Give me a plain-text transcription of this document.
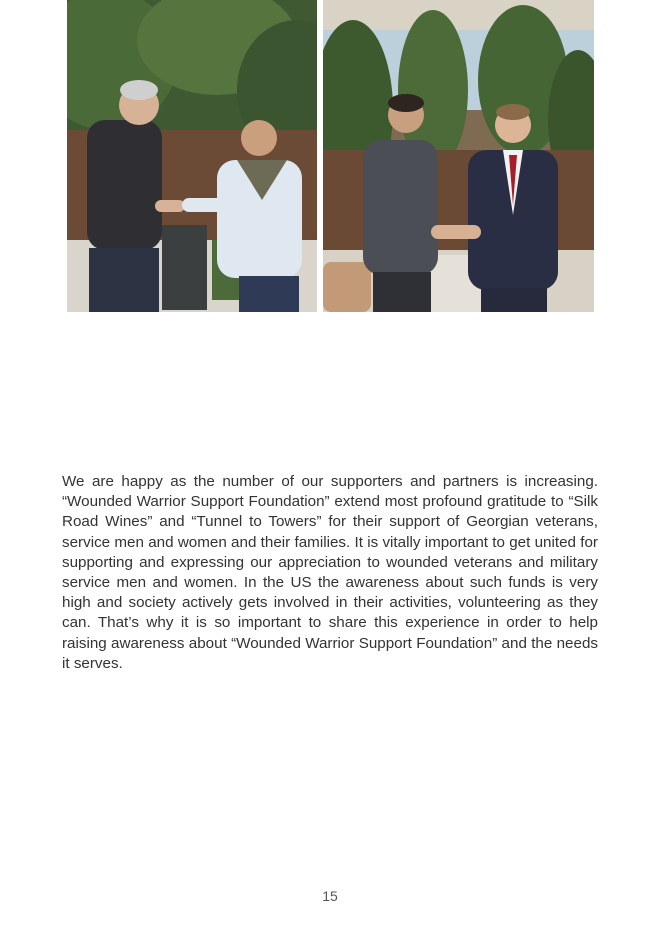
We are happy as the number of our supporters and partners is increasing. “Wounded Warrior Support Foundation” extend most profound gratitude to “Silk Road Wines” and “Tunnel to Towers” for their support of Georgian veterans, service men and women and their families. It is vitally important to get united for supporting and expressing our appreciation to wounded veterans and military service men and women. In the US the awareness about such funds is very high and society actively gets involved in their activities, volunteering as they can. That’s why it is so important to share this experience in order to help raising awareness about “Wounded Warrior Support Foundation” and the needs it serves.

15
